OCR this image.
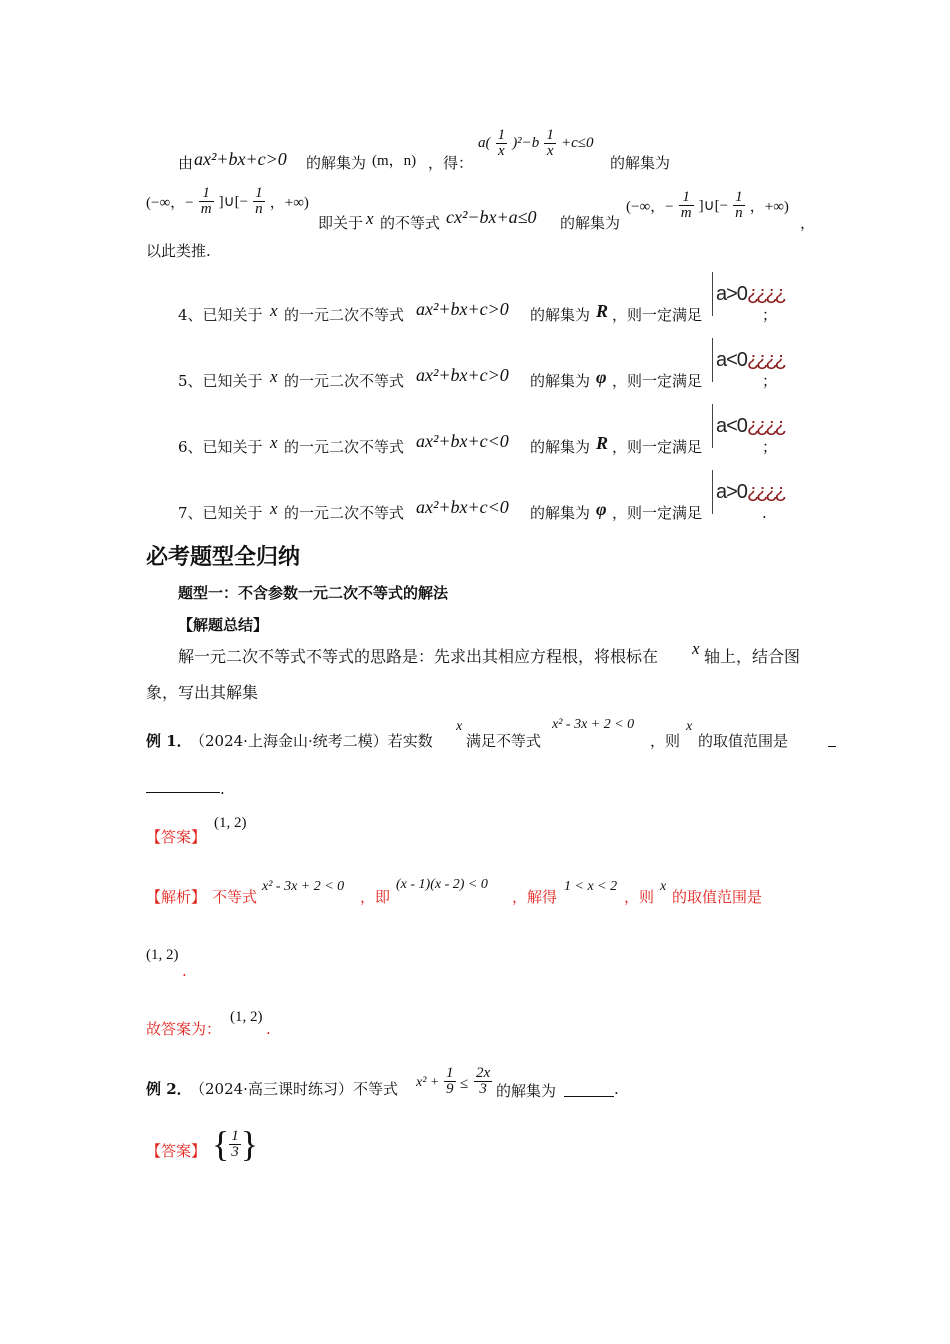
由 ax²+bx+c>0 的解集为 (m，n) ，得：
$a( \frac{1}{x} )^2-b \frac{1}{x} +c\le 0$
的解集为
(−∞，− $\frac{1}{m}$ ]∪[− $\frac{1}{n}$ ，+∞)
即关于 x 的不等式 cx²−bx+a≤0 的解集为
(−∞，− $\frac{1}{m}$ ]∪[− $\frac{1}{n}$ ，+∞)
，
以此类推.
4、已知关于 x 的一元二次不等式 ax²+bx+c>0 的解集为 R ，则一定满足	；
a>0¿¿¿¿
5、已知关于 x 的一元二次不等式 ax²+bx+c>0 的解集为 φ ，则一定满足	；
a<0¿¿¿¿
6、已知关于 x 的一元二次不等式 ax²+bx+c<0 的解集为 R ，则一定满足	；
a<0¿¿¿¿
7、已知关于 x 的一元二次不等式 ax²+bx+c<0 的解集为 φ ，则一定满足	.
a>0¿¿¿¿
必考题型全归纳
题型一：不含参数一元二次不等式的解法
【解题总结】
解一元二次不等式不等式的思路是：先求出其相应方程根，将根标在 x 轴上，结合图
象，写出其解集
例 1．
（2024·上海金山·统考二模）若实数
x
满足不等式
x² - 3x + 2 < 0
，则
x
的取值范围是
.
【答案】
(1, 2)
【解析】 不等式
x² - 3x + 2 < 0
，即
(x - 1)(x - 2) < 0
，解得
1 < x < 2
，则
x
的取值范围是
(1, 2)
.
故答案为：
(1, 2)
.
例 2．
（2024·高三课时练习）不等式 $x^2 + \frac{1}{9} \le \frac{2x}{3}$ 的解集为	.
【答案】 { $\frac{1}{3}$ }
